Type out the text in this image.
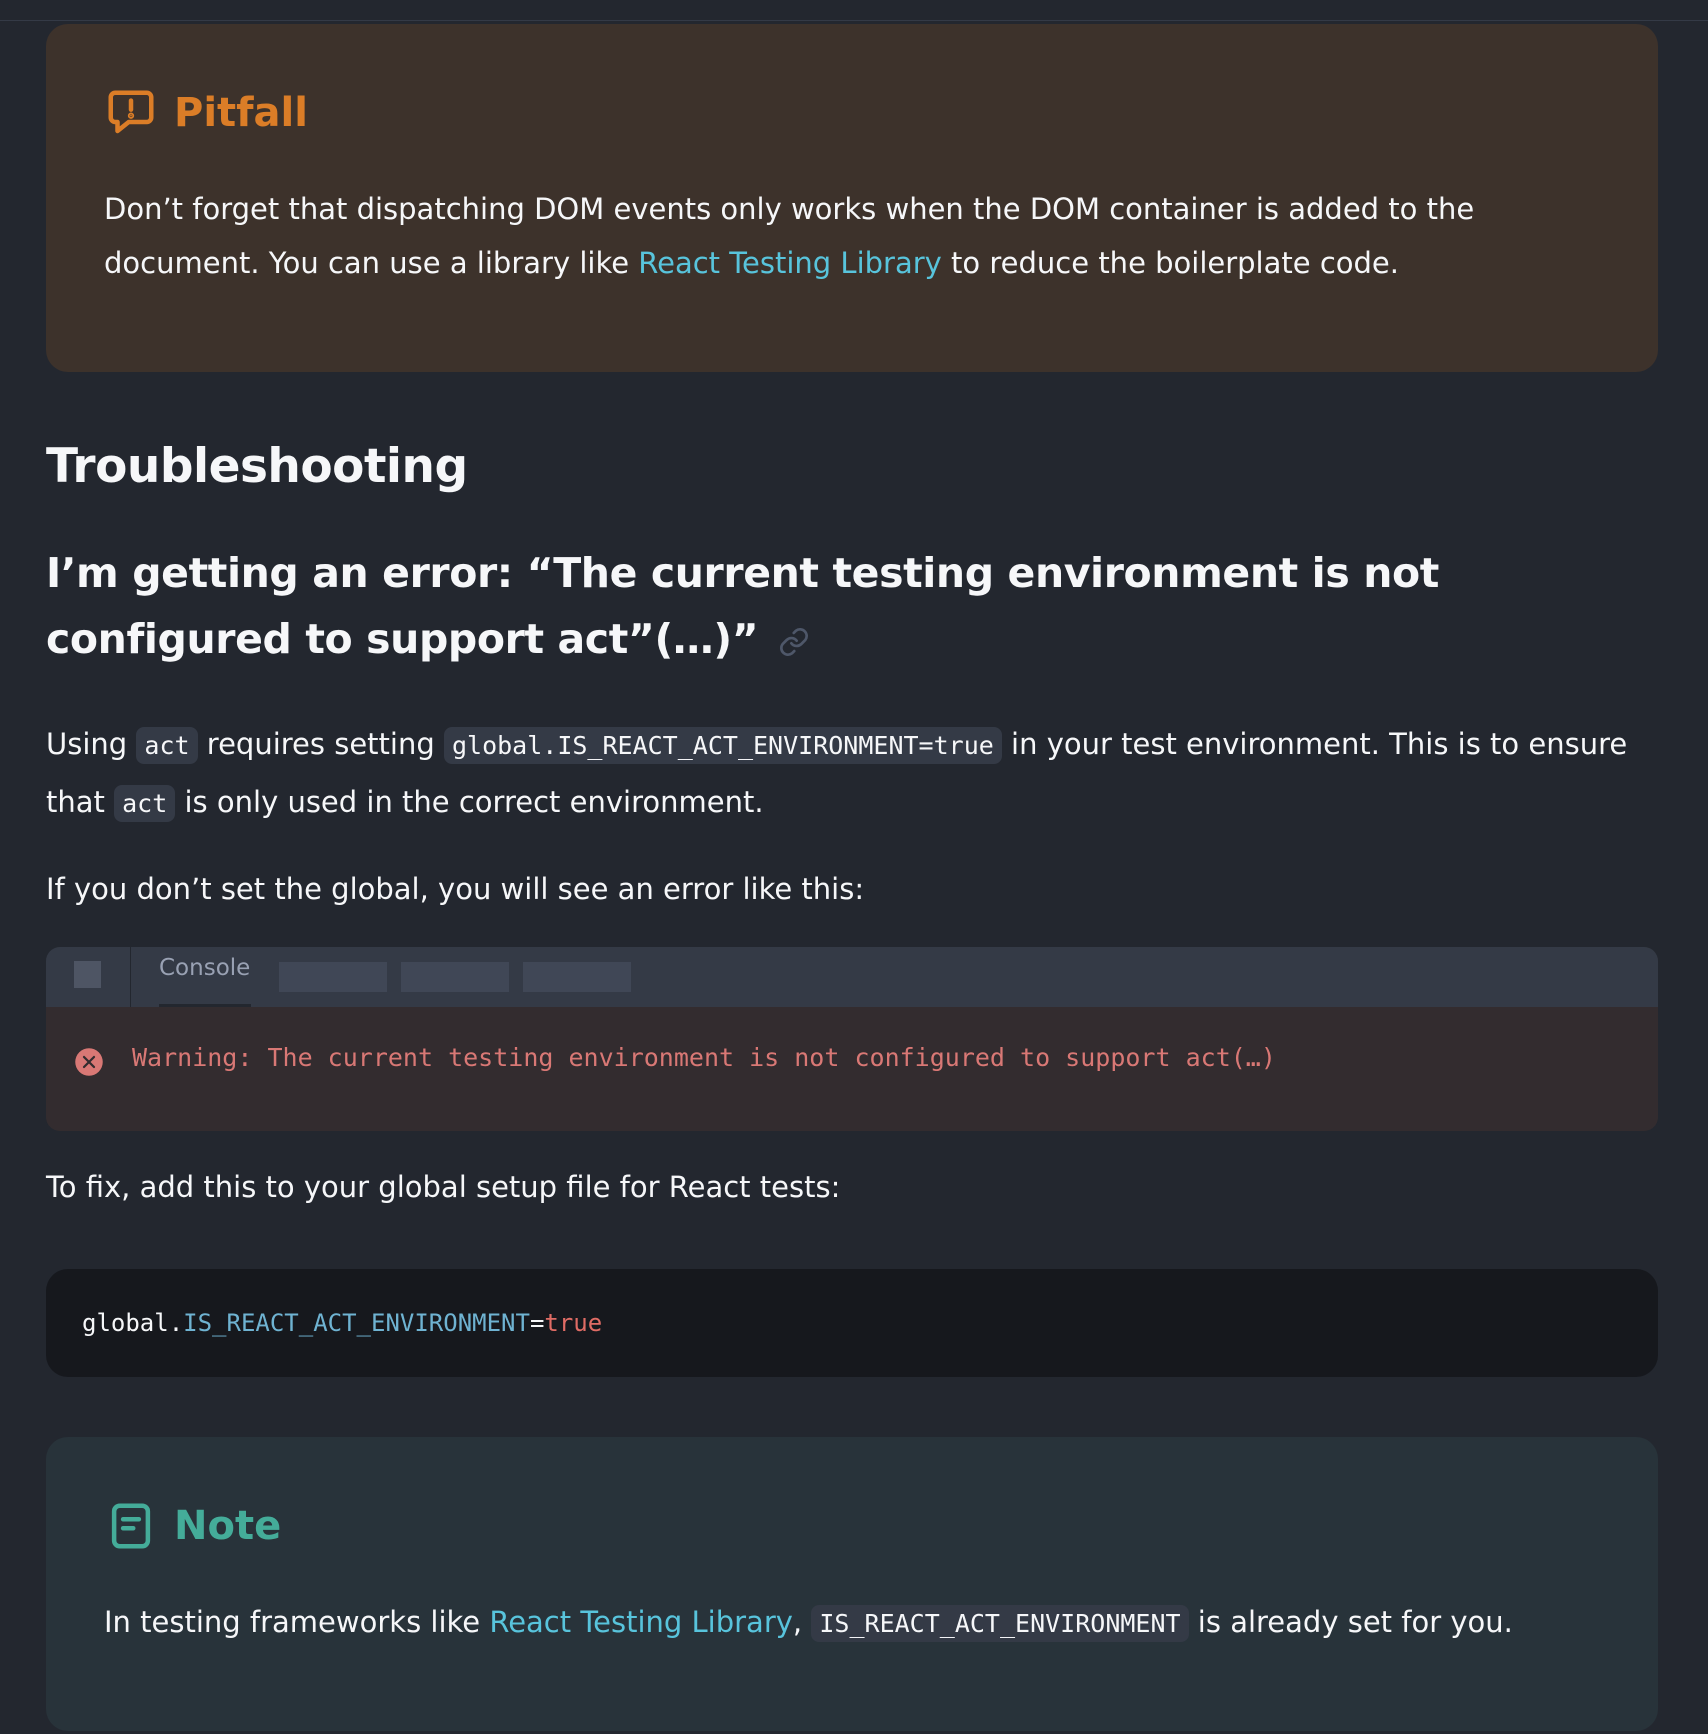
Pitfall
Don’t forget that dispatching DOM events only works when the DOM container is added to the document. You can use a library like React Testing Library to reduce the boilerplate code.
Troubleshooting
I’m getting an error: “The current testing environment is not configured to support act”(…)”

Using act requires setting global.IS_REACT_ACT_ENVIRONMENT=true in your test environment. This is to ensure that act is only used in the correct environment.

If you don’t set the global, you will see an error like this:

Console
Warning: The current testing environment is not configured to support act(…)

To fix, add this to your global setup file for React tests:

global. IS_REACT_ACT_ENVIRONMENT = true
Note
In testing frameworks like React Testing Library, IS_REACT_ACT_ENVIRONMENT is already set for you.
